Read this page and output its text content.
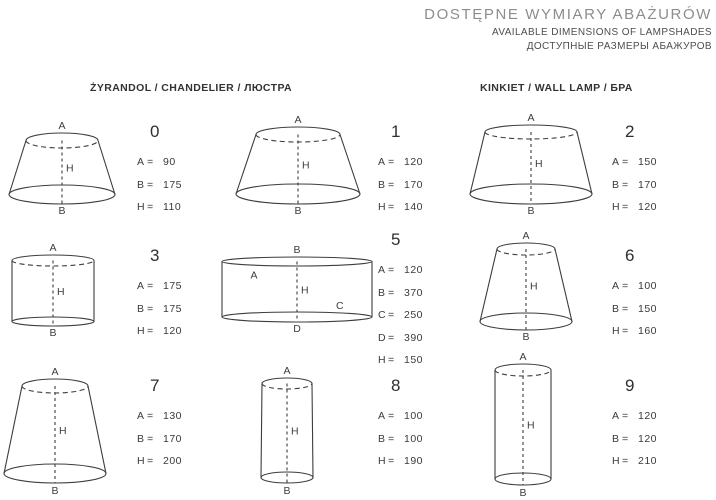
DOSTĘPNE WYMIARY ABAŻURÓW
AVAILABLE DIMENSIONS OF LAMPSHADES
ДОСТУПНЫЕ РАЗМЕРЫ АБАЖУРОВ
ŻYRANDOL / CHANDELIER / ЛЮСТРА	KINKIET / WALL LAMP / БРА
A
B
H
0
A = 90
B = 175
H = 110
A
B
H
1
A = 120
B = 170
H = 140
A
B
H
2
A = 150
B = 170
H = 120
A
B
H
3
A = 175
B = 175
H = 120
B
D
H
A
C
5
A = 120
B = 370
C = 250
D = 390
H = 150
A
B
H
6
A = 100
B = 150
H = 160
A
B
H
7
A = 130
B = 170
H = 200
A
B
H
8
A = 100
B = 100
H = 190
A
B
H
9
A = 120
B = 120
H = 210
